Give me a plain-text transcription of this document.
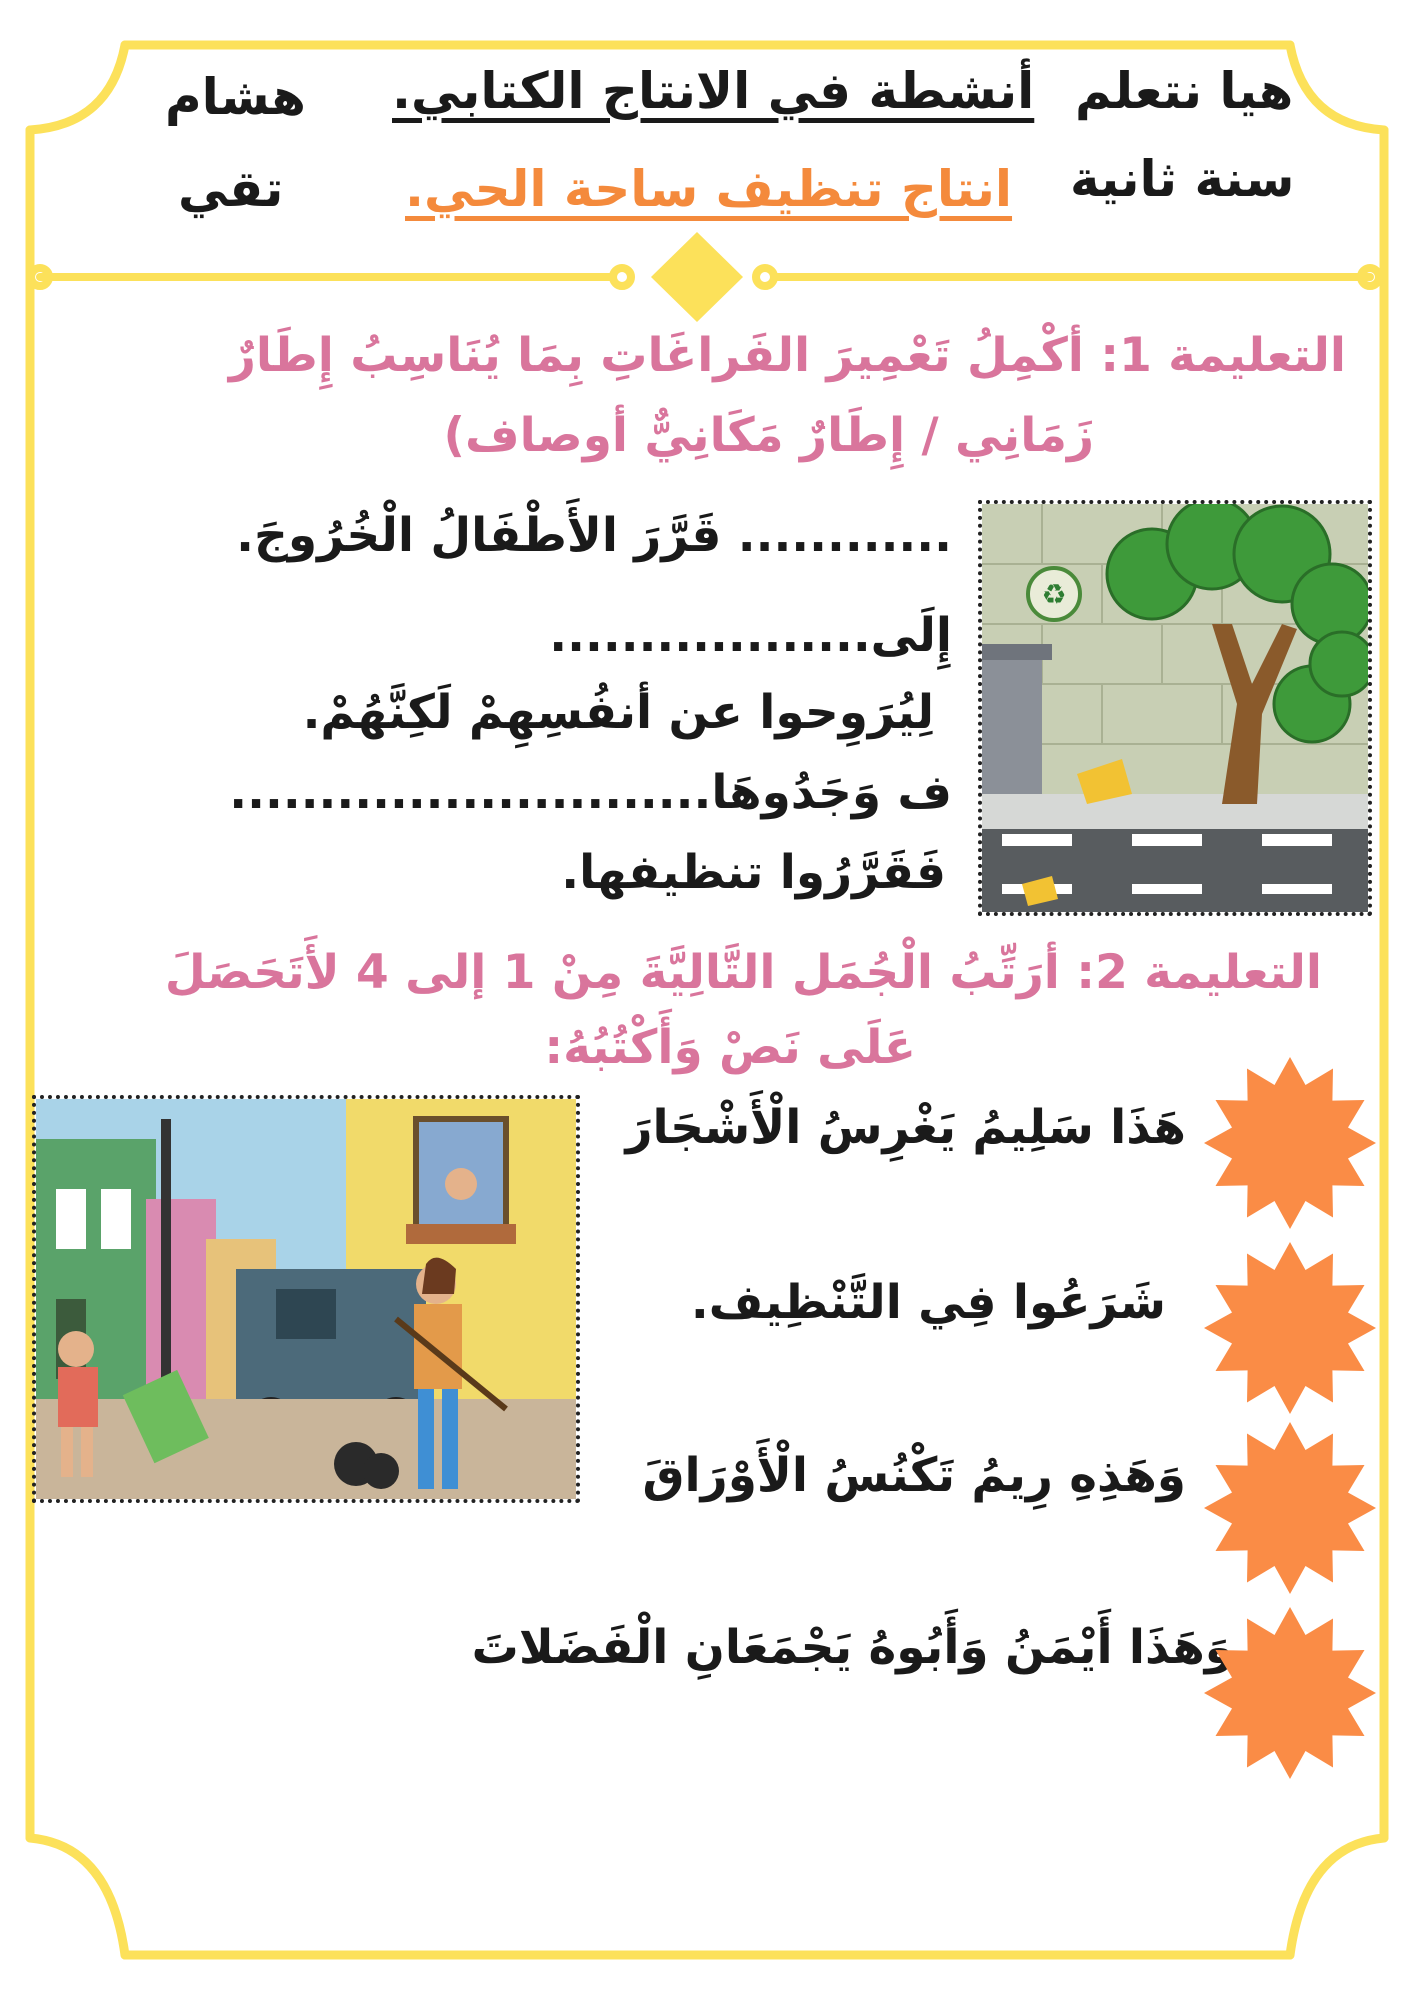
هشام
تقي
أنشطة في الانتاج الكتابي.
انتاج تنظيف ساحة الحي.
هيا نتعلم
سنة ثانية
التعليمة 1: أكْمِلُ تَعْمِيرَ الفَراغَاتِ بِمَا يُنَاسِبُ إِطَارٌ
زَمَانِي / إِطَارٌ مَكَانِيٌّ أوصاف)
............ قَرَّرَ الأَطْفَالُ الْخُرُوجَ.
إِلَى..................
لِيُرَوِحوا عن أنفُسِهِمْ لَكِنَّهُمْ.
ف وَجَدُوهَا...........................
فَقَرَّرُوا تنظيفها.
♻
التعليمة 2: أرَتِّبُ الْجُمَل التَّالِيَّةَ مِنْ 1 إلى 4 لأَتَحَصَلَ
عَلَى نَصْ وَأَكْتُبُهُ:
هَذَا سَلِيمُ يَغْرِسُ الْأَشْجَارَ
شَرَعُوا فِي التَّنْظِيف.
وَهَذِهِ رِيمُ تَكْنُسُ الْأَوْرَاقَ
وَهَذَا أَيْمَنُ وَأَبُوهُ يَجْمَعَانِ الْفَضَلاتَ
